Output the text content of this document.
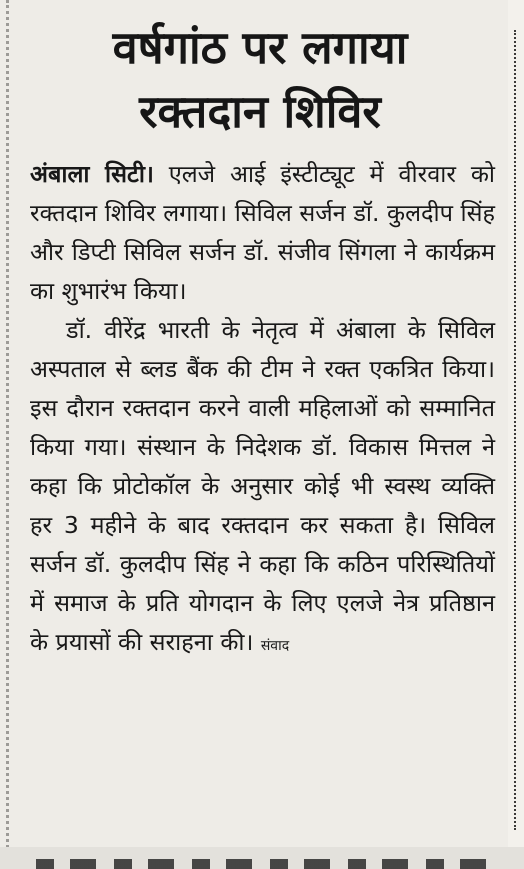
वर्षगांठ पर लगाया
रक्तदान शिविर

अंबाला सिटी। एलजे आई इंस्टीट्यूट में वीरवार को रक्तदान शिविर लगाया। सिविल सर्जन डॉ. कुलदीप सिंह और डिप्टी सिविल सर्जन डॉ. संजीव सिंगला ने कार्यक्रम का शुभारंभ किया।

डॉ. वीरेंद्र भारती के नेतृत्व में अंबाला के सिविल अस्पताल से ब्लड बैंक की टीम ने रक्त एकत्रित किया। इस दौरान रक्तदान करने वाली महिलाओं को सम्मानित किया गया। संस्थान के निदेशक डॉ. विकास मित्तल ने कहा कि प्रोटोकॉल के अनुसार कोई भी स्वस्थ व्यक्ति हर 3 महीने के बाद रक्तदान कर सकता है। सिविल सर्जन डॉ. कुलदीप सिंह ने कहा कि कठिन परिस्थितियों में समाज के प्रति योगदान के लिए एलजे नेत्र प्रतिष्ठान के प्रयासों की सराहना की। संवाद
